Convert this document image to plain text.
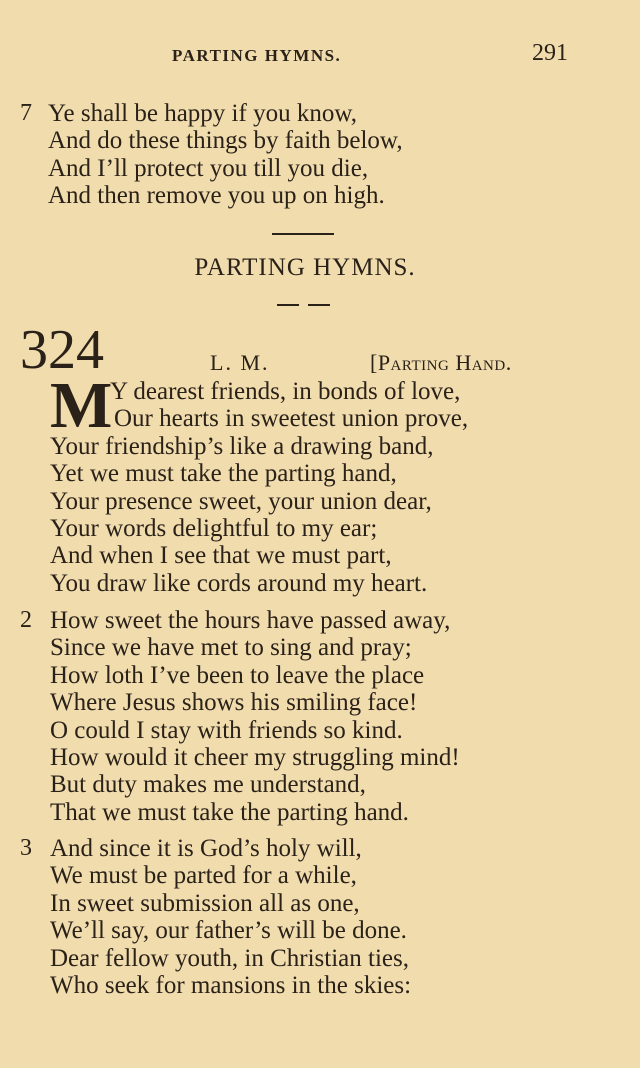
PARTING HYMNS.	291
7 Ye shall be happy if you know,
And do these things by faith below,
And I’ll protect you till you die,
And then remove you up on high.
PARTING HYMNS.
324	L. M.	[Parting Hand.
M
Y dearest friends, in bonds of love,
Our hearts in sweetest union prove,
Your friendship’s like a drawing band,
Yet we must take the parting hand,
Your presence sweet, your union dear,
Your words delightful to my ear;
And when I see that we must part,
You draw like cords around my heart.
2 How sweet the hours have passed away,
Since we have met to sing and pray;
How loth I’ve been to leave the place
Where Jesus shows his smiling face!
O could I stay with friends so kind.
How would it cheer my struggling mind!
But duty makes me understand,
That we must take the parting hand.
3 And since it is God’s holy will,
We must be parted for a while,
In sweet submission all as one,
We’ll say, our father’s will be done.
Dear fellow youth, in Christian ties,
Who seek for mansions in the skies:
